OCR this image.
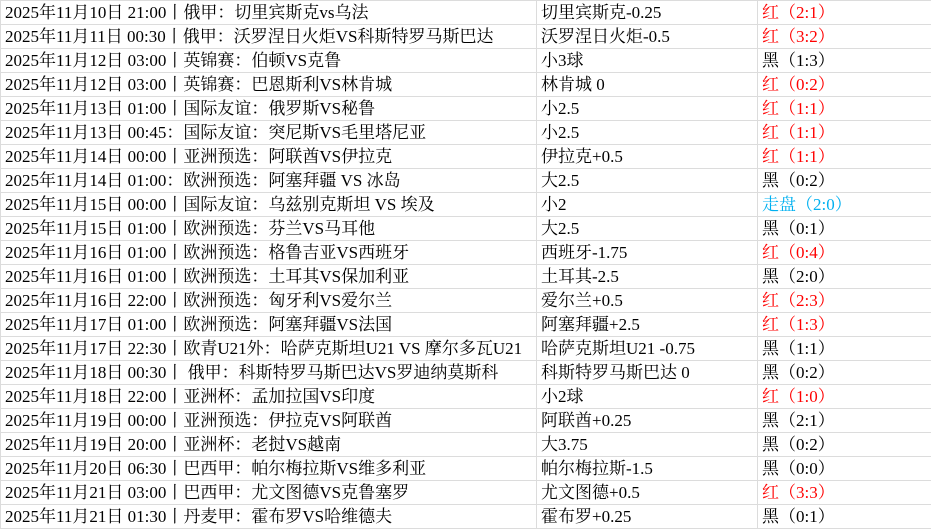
2025年11月10日 21:00丨俄甲：切里宾斯克vs乌法	切里宾斯克-0.25	红（2:1）
2025年11月11日 00:30丨俄甲：沃罗涅日火炬VS科斯特罗马斯巴达	沃罗涅日火炬-0.5	红（3:2）
2025年11月12日 03:00丨英锦赛：伯顿VS克鲁	小3球	黑（1:3）
2025年11月12日 03:00丨英锦赛：巴恩斯利VS林肯城	林肯城 0	红（0:2）
2025年11月13日 01:00丨国际友谊：俄罗斯VS秘鲁	小2.5	红（1:1）
2025年11月13日 00:45：国际友谊：突尼斯VS毛里塔尼亚	小2.5	红（1:1）
2025年11月14日 00:00丨亚洲预选：阿联酋VS伊拉克	伊拉克+0.5	红（1:1）
2025年11月14日 01:00：欧洲预选：阿塞拜疆 VS 冰岛	大2.5	黑（0:2）
2025年11月15日 00:00丨国际友谊：乌兹别克斯坦 VS 埃及	小2	走盘（2:0）
2025年11月15日 01:00丨欧洲预选：芬兰VS马耳他	大2.5	黑（0:1）
2025年11月16日 01:00丨欧洲预选：格鲁吉亚VS西班牙	西班牙-1.75	红（0:4）
2025年11月16日 01:00丨欧洲预选：土耳其VS保加利亚	土耳其-2.5	黑（2:0）
2025年11月16日 22:00丨欧洲预选：匈牙利VS爱尔兰	爱尔兰+0.5	红（2:3）
2025年11月17日 01:00丨欧洲预选：阿塞拜疆VS法国	阿塞拜疆+2.5	红（1:3）
2025年11月17日 22:30丨欧青U21外：哈萨克斯坦U21 VS 摩尔多瓦U21	哈萨克斯坦U21 -0.75	黑（1:1）
2025年11月18日 00:30丨 俄甲：科斯特罗马斯巴达VS罗迪纳莫斯科	科斯特罗马斯巴达 0	黑（0:2）
2025年11月18日 22:00丨亚洲杯：孟加拉国VS印度	小2球	红（1:0）
2025年11月19日 00:00丨亚洲预选：伊拉克VS阿联酋	阿联酋+0.25	黑（2:1）
2025年11月19日 20:00丨亚洲杯：老挝VS越南	大3.75	黑（0:2）
2025年11月20日 06:30丨巴西甲：帕尔梅拉斯VS维多利亚	帕尔梅拉斯-1.5	黑（0:0）
2025年11月21日 03:00丨巴西甲：尤文图德VS克鲁塞罗	尤文图德+0.5	红（3:3）
2025年11月21日 01:30丨丹麦甲：霍布罗VS哈维德夫	霍布罗+0.25	黑（0:1）
